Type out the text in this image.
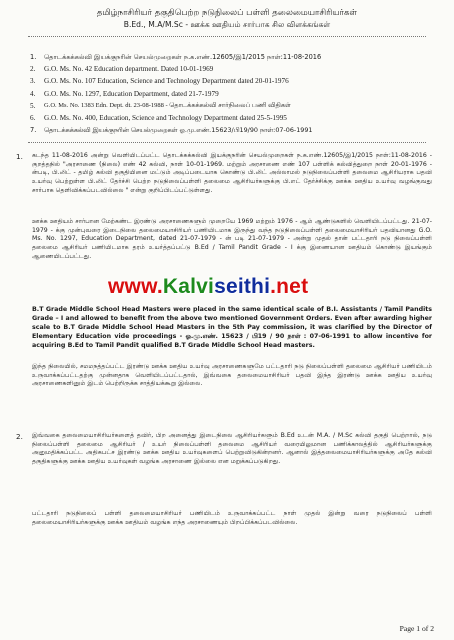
தமிழ்நாசிரியர் தகுதிபெற்ற நடுநிலைப் பள்ளி தலைமையாசிரியர்கள்
B.Ed., M.A/M.Sc - ஊக்க ஊதியம் சார்பாக சில விளக்கங்கள்
1.	தொடக்கக்கல்வி இயக்குநரின் செயல்முறைகள் ந.க.எண்.12605/இ1/2015 நாள்:11-08-2016
2.	G.O. Ms. No. 42 Education department. Dated 10-01-1969
3.	G.O. Ms. No. 107 Education, Science and Technology Department dated 20-01-1976
4.	G.O. Ms. No. 1297, Education Department, dated 21-7-1979
5.	G.O. Ms. No. 1383 Edn. Dept. dt. 23-08-1988 - தொடக்கக்கல்வி சார்நிலைப் பணி விதிகள்
6.	G.O. Ms. No. 400, Education, Science and Technology Department dated 25-5-1995
7.	தொடக்கக்கல்வி இயக்குநரின் செயல்முறைகள் ஓ.மு.எண்.15623/பி19/90 நாள்:07-06-1991
1. கடந்த 11-08-2016 அன்று வெளியிடப்பட்ட தொடக்கக்கல்வி இயக்குநரின் செயல்முறைகள் ந.க.எண்.12605/இ1/2015 நாள்:11-08-2016 - குறத்தநில் "அரசாணை (நிலை) எண் 42 கல்வி, நாள் 10-01-1969. மற்றும் அரசாணை எண் 107 பள்ளிக் கல்வித்துறை நாள் 20-01-1976 - ன்படி, பி.லிட் - தமிழ் கல்வி தகுதியினை மட்டும் அடிப்படையாக கொண்டு பி.லிட் அல்லாமல் நடுநிலைப்பள்ளி தலைமை ஆசிரியராக பதவி உயர்வு பெற்றுள்ள பி.லிட் தேர்ச்சி பெற்ற நடுநிலைப்பள்ளி தலைமை ஆசிரியர்களுக்கு பி.எட் தேர்ச்சிக்கு ஊக்க ஊதிய உயர்வு வழங்குவது சார்பாக தெளிவிக்கப்படவில்லை " என்று குறிப்பிடப்பட்டுள்ளது.
ஊக்க ஊதியம் சார்பான மேற்கண்ட இரண்டு அரசாணைகளும் முறையே 1969 மற்றும் 1976 - ஆம் ஆண்டுகளில் வெளியிடப்பட்டது. 21-07-1979 - க்கு முன்புவரை இடைநிலை தலைமையாசிரியர் பணியிடமாக இருந்து வந்த நடுநிலைப்பள்ளி தலைமையாசிரியர் பதவியானது G.O. Ms. No. 1297, Education Department, dated 21-07-1979 - ன் படி 21-07-1979 - அன்று முதல் தான் பட்டதாரி நடு நிலைப்பள்ளி தலைமை ஆசிரியர் பணியிடமாக தரம் உயர்த்தப்பட்டு B.Ed / Tamil Pandit Grade - I க்கு இணையான ஊதியம் கொண்டு இயங்கும் ஆணையிடப்பட்டது.
www.Kalviseithi.net
B.T Grade Middle School Head Masters were placed in the same identical scale of B.I. Assistants / Tamil Pandits Grade – I and allowed to benefit from the above two mentioned Government Orders. Even after awarding higher scale to B.T Grade Middle School Head Masters in the 5th Pay commission, it was clarified by the Director of Elementary Education vide proceedings - ஓ.மு.எண். 15623 / பி19 / 90 நாள் : 07-06-1991 to allow incentive for acquiring B.Ed to Tamil Pandit qualified B.T Grade Middle School Head masters.
இந்த நிலையில், சமமநத்தப்பட்ட இரண்டு ஊக்க ஊதிய உயர்வு அரசாணைகளுமே பட்டதாரி நடு நிலைப்பள்ளி தலைமை ஆசிரியர் பணியிடம் உருவாக்கப்பட்டதற்கு முன்னதாக வெளியிடப்பட்டதால், இவ்வகை தலைமையாசிரியர் பதவி இந்த இரண்டு ஊக்க ஊதிய உயர்வு அரசாணைகளினும் இடம் பெற்றிருக்க சாத்தியக்கூறு இல்லை.
2. இவ்வகை தலைமையாசிரியர்களைத் தவிர், பிற அனைத்து இடைநிலை ஆசிரியர்களும் B.Ed உடன் M.A. / M.Sc கல்வி தகுதி பெற்றால், நடு நிலைப்பள்ளி தலைமை ஆசிரியர் / உயர் நிலைப்பள்ளி தலைமை ஆசிரியர் வரையிலுமான பணிக்காலத்தில் ஆசிரியர்களுக்கு அனுமதிக்கப்பட்ட அதிகபட்ச இரண்டு ஊக்க ஊதிய உயர்வுகளைப் பெற்றுவிடுகின்றனர். ஆனால் இத்தலைமையாசிரியர்களுக்கு அதே கல்வி தகுதிகளுக்கு ஊக்க ஊதிய உயர்வுகள் வழங்க அரசாணை இல்லை என மறுக்கப்படுகிறது.
பட்டதாரி நடுநிலைப் பள்ளி தலைமையாசிரியர் பணியிடம் உருவாக்கப்பட்ட நாள் முதல் இன்று வரை நடுநிலைப் பள்ளி தலைமையாசிரியர்களுக்கு ஊக்க ஊதியம் வழங்க எந்த அரசாணையும் பிறப்பிக்கப்படவில்லை.
Page 1 of 2
